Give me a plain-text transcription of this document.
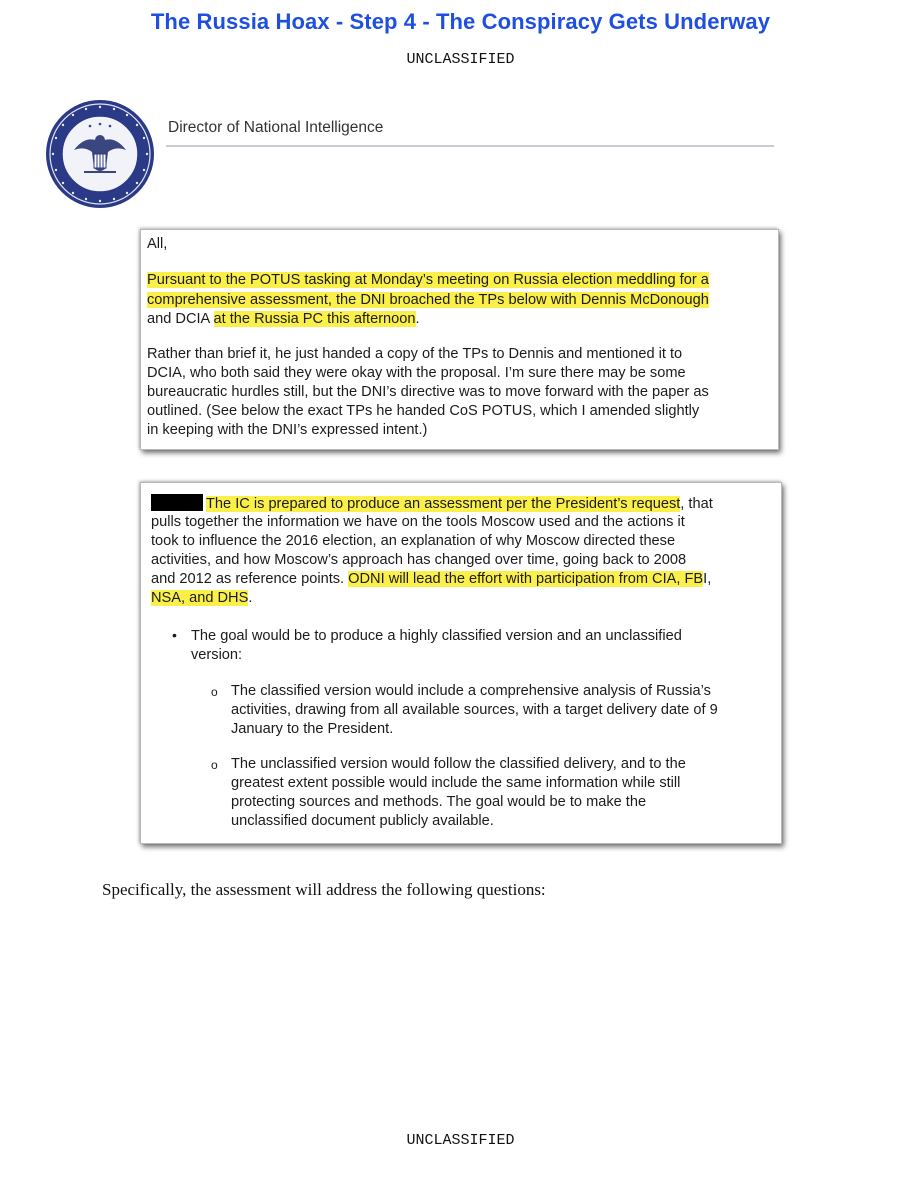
The Russia Hoax - Step 4 - The Conspiracy Gets Underway
UNCLASSIFIED
Director of National Intelligence
All,
Pursuant to the POTUS tasking at Monday’s meeting on Russia election meddling for a
comprehensive assessment, the DNI broached the TPs below with Dennis McDonough
and DCIA at the Russia PC this afternoon.
Rather than brief it, he just handed a copy of the TPs to Dennis and mentioned it to
DCIA, who both said they were okay with the proposal. I’m sure there may be some
bureaucratic hurdles still, but the DNI’s directive was to move forward with the paper as
outlined. (See below the exact TPs he handed CoS POTUS, which I amended slightly
in keeping with the DNI’s expressed intent.)
The IC is prepared to produce an assessment per the President’s request, that
pulls together the information we have on the tools Moscow used and the actions it
took to influence the 2016 election, an explanation of why Moscow directed these
activities, and how Moscow’s approach has changed over time, going back to 2008
and 2012 as reference points. ODNI will lead the effort with participation from CIA, FBI,
NSA, and DHS.
• The goal would be to produce a highly classified version and an unclassified
version:
o The classified version would include a comprehensive analysis of Russia’s
activities, drawing from all available sources, with a target delivery date of 9
January to the President.
o The unclassified version would follow the classified delivery, and to the
greatest extent possible would include the same information while still
protecting sources and methods. The goal would be to make the
unclassified document publicly available.
Specifically, the assessment will address the following questions:
UNCLASSIFIED
